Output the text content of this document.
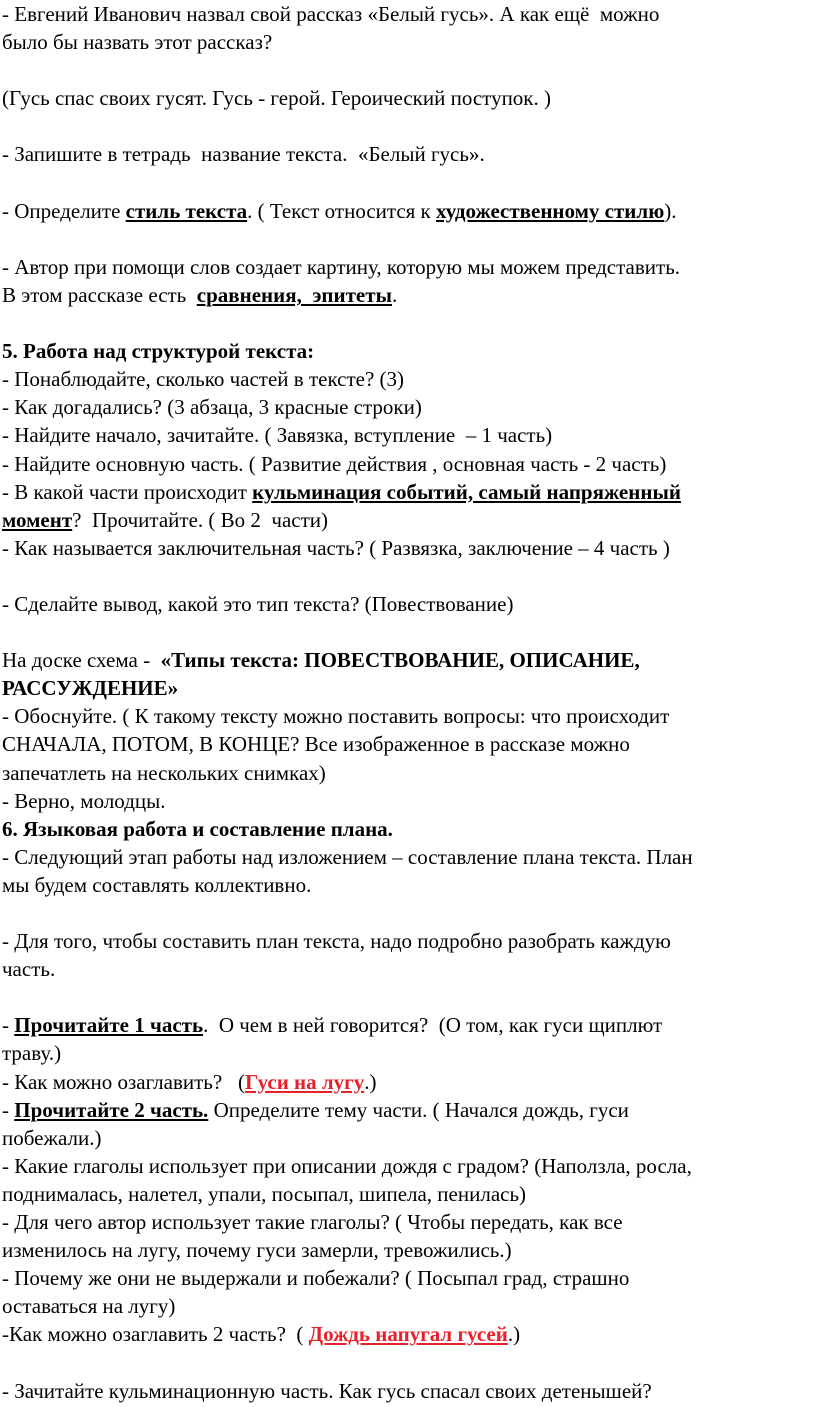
- Евгений Иванович назвал свой рассказ «Белый гусь». А как ещё  можно
было бы назвать этот рассказ?
(Гусь спас своих гусят. Гусь - герой. Героический поступок. )
- Запишите в тетрадь  название текста.  «Белый гусь».
- Определите стиль текста. ( Текст относится к художественному стилю).
- Автор при помощи слов создает картину, которую мы можем представить.
В этом рассказе есть  сравнения,  эпитеты.
5. Работа над структурой текста:
- Понаблюдайте, сколько частей в тексте? (3)
- Как догадались? (3 абзаца, 3 красные строки)
- Найдите начало, зачитайте. ( Завязка, вступление  – 1 часть)
- Найдите основную часть. ( Развитие действия , основная часть - 2 часть)
- В какой части происходит кульминация событий, самый напряженный
момент?  Прочитайте. ( Во 2  части)
- Как называется заключительная часть? ( Развязка, заключение – 4 часть )
- Сделайте вывод, какой это тип текста? (Повествование)
На доске схема -  «Типы текста: ПОВЕСТВОВАНИЕ, ОПИСАНИЕ,
РАССУЖДЕНИЕ»
- Обоснуйте. ( К такому тексту можно поставить вопросы: что происходит
СНАЧАЛА, ПОТОМ, В КОНЦЕ? Все изображенное в рассказе можно
запечатлеть на нескольких снимках)
- Верно, молодцы.
6. Языковая работа и составление плана.
- Следующий этап работы над изложением – составление плана текста. План
мы будем составлять коллективно.
- Для того, чтобы составить план текста, надо подробно разобрать каждую
часть.
- Прочитайте 1 часть.  О чем в ней говорится?  (О том, как гуси щиплют
траву.)
- Как можно озаглавить?   (Гуси на лугу.)
- Прочитайте 2 часть. Определите тему части. ( Начался дождь, гуси
побежали.)
- Какие глаголы использует при описании дождя с градом? (Наползла, росла,
поднималась, налетел, упали, посыпал, шипела, пенилась)
- Для чего автор использует такие глаголы? ( Чтобы передать, как все
изменилось на лугу, почему гуси замерли, тревожились.)
- Почему же они не выдержали и побежали? ( Посыпал град, страшно
оставаться на лугу)
-Как можно озаглавить 2 часть?  ( Дождь напугал гусей.)
- Зачитайте кульминационную часть. Как гусь спасал своих детенышей?
